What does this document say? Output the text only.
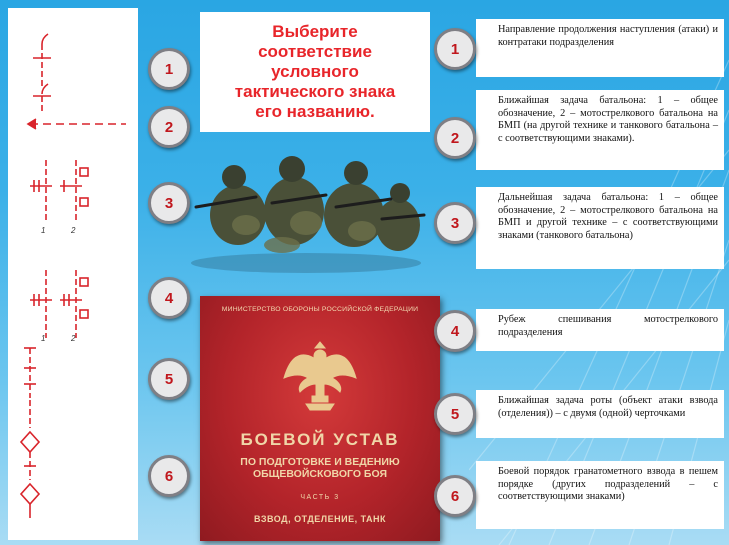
1	2
1	2
Выберите
соответствие
условного
тактического знака
его названию.
1
2
3
4
5
6
МИНИСТЕРСТВО ОБОРОНЫ РОССИЙСКОЙ ФЕДЕРАЦИИ
БОЕВОЙ УСТАВ
ПО ПОДГОТОВКЕ И ВЕДЕНИЮ
ОБЩЕВОЙСКОВОГО БОЯ
ЧАСТЬ 3
ВЗВОД, ОТДЕЛЕНИЕ, ТАНК
Направление продолжения наступления (атаки) и контратаки подразделения
Ближайшая задача батальона: 1 – общее обозначение, 2 – мотострелкового батальона на БМП (на другой технике и танкового батальона – с соответствующими знаками).
Дальнейшая задача батальона: 1 – общее обозначение, 2 – мотострелкового батальона на БМП и другой технике – с соответствующими знаками (танкового батальона)
Рубеж спешивания мотострелкового подразделения
Ближайшая задача роты (объект атаки взвода (отделения)) – с двумя (одной) черточками
Боевой порядок гранатометного взвода в пешем порядке (других подразделений – с соответствующими знаками)
1
2
3
4
5
6
